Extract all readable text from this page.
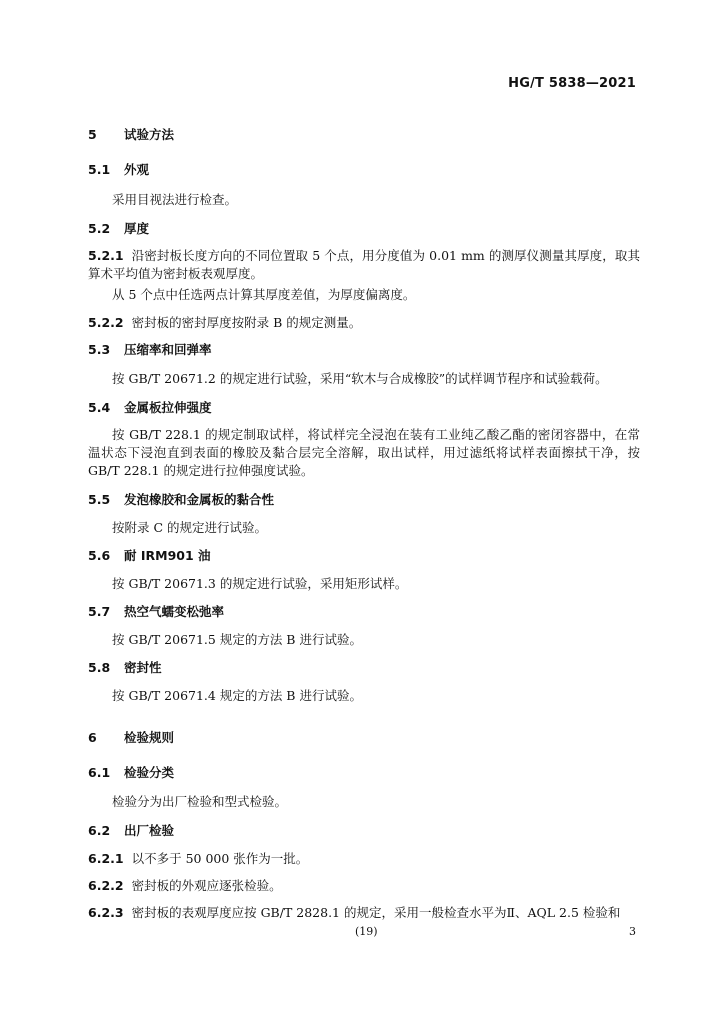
HG/T 5838—2021
5 试验方法
5.1 外观
采用目视法进行检查。
5.2 厚度
5.2.1 沿密封板长度方向的不同位置取 5 个点，用分度值为 0.01 mm 的测厚仪测量其厚度，取其算术平均值为密封板表观厚度。
从 5 个点中任选两点计算其厚度差值，为厚度偏离度。
5.2.2 密封板的密封厚度按附录 B 的规定测量。
5.3 压缩率和回弹率
按 GB/T 20671.2 的规定进行试验，采用“软木与合成橡胶”的试样调节程序和试验载荷。
5.4 金属板拉伸强度
按 GB/T 228.1 的规定制取试样，将试样完全浸泡在装有工业纯乙酸乙酯的密闭容器中，在常温状态下浸泡直到表面的橡胶及黏合层完全溶解，取出试样，用过滤纸将试样表面擦拭干净，按 GB/T 228.1 的规定进行拉伸强度试验。
5.5 发泡橡胶和金属板的黏合性
按附录 C 的规定进行试验。
5.6 耐 IRM901 油
按 GB/T 20671.3 的规定进行试验，采用矩形试样。
5.7 热空气蠕变松弛率
按 GB/T 20671.5 规定的方法 B 进行试验。
5.8 密封性
按 GB/T 20671.4 规定的方法 B 进行试验。
6 检验规则
6.1 检验分类
检验分为出厂检验和型式检验。
6.2 出厂检验
6.2.1 以不多于 50 000 张作为一批。
6.2.2 密封板的外观应逐张检验。
6.2.3 密封板的表观厚度应按 GB/T 2828.1 的规定，采用一般检查水平为Ⅱ、AQL 2.5 检验和
(19)	3
